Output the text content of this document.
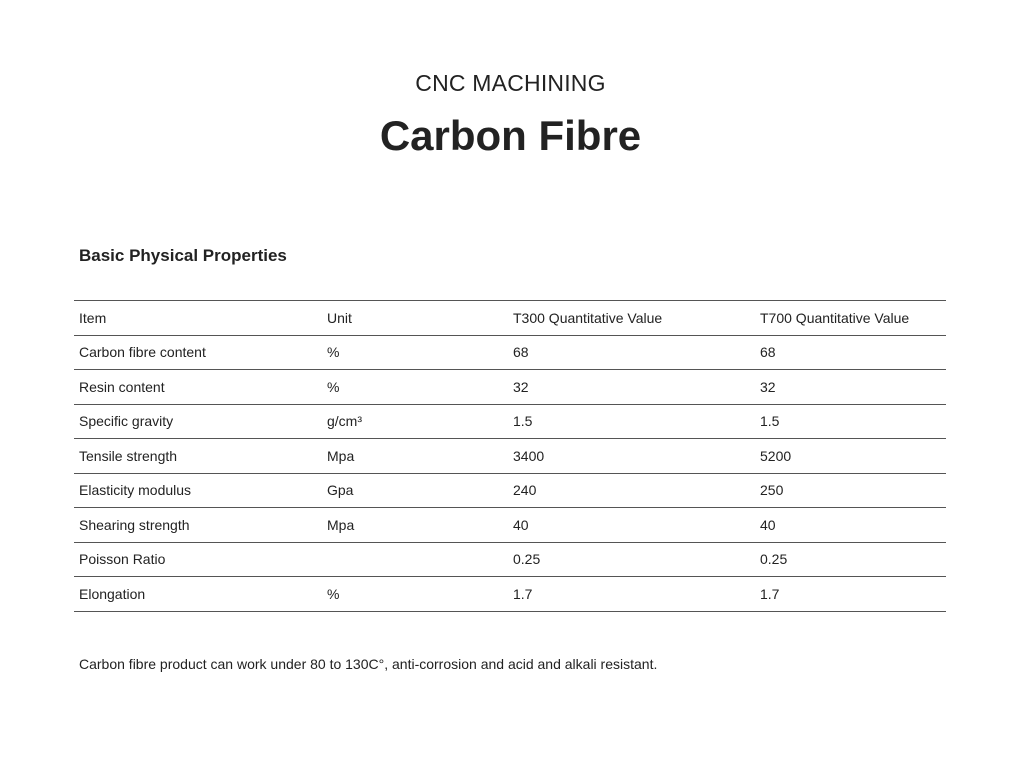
CNC MACHINING
Carbon Fibre
Basic Physical Properties
Item	Unit	T300 Quantitative Value	T700 Quantitative Value
Carbon fibre content	%	68	68
Resin content	%	32	32
Specific gravity	g/cm³	1.5	1.5
Tensile strength	Mpa	3400	5200
Elasticity modulus	Gpa	240	250
Shearing strength	Mpa	40	40
Poisson Ratio		0.25	0.25
Elongation	%	1.7	1.7
Carbon fibre product can work under 80 to 130C°, anti-corrosion and acid and alkali resistant.
